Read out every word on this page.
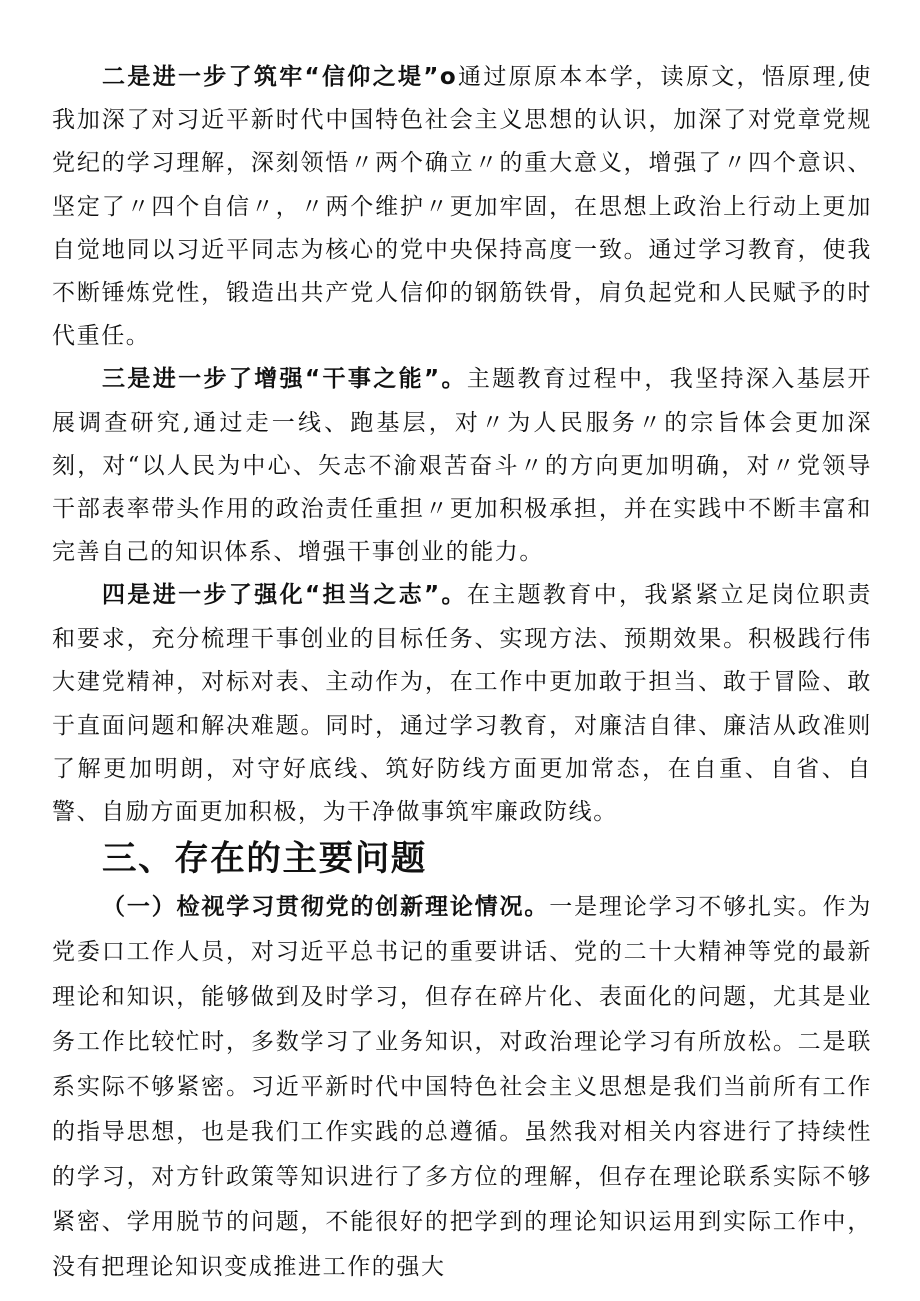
二是进一步了筑牢“信仰之堤”o通过原原本本学，读原文，悟原理,使我加深了对习近平新时代中国特色社会主义思想的认识，加深了对党章党规党纪的学习理解，深刻领悟〃两个确立〃的重大意义，增强了〃四个意识、坚定了〃四个自信〃，〃两个维护〃更加牢固，在思想上政治上行动上更加自觉地同以习近平同志为核心的党中央保持高度一致。通过学习教育，使我不断锤炼党性，锻造出共产党人信仰的钢筋铁骨，肩负起党和人民赋予的时代重任。

三是进一步了增强“干事之能”。主题教育过程中，我坚持深入基层开展调查研究,通过走一线、跑基层，对〃为人民服务〃的宗旨体会更加深刻，对“以人民为中心、矢志不渝艰苦奋斗〃的方向更加明确，对〃党领导干部表率带头作用的政治责任重担〃更加积极承担，并在实践中不断丰富和完善自己的知识体系、增强干事创业的能力。

四是进一步了强化“担当之志”。在主题教育中，我紧紧立足岗位职责和要求，充分梳理干事创业的目标任务、实现方法、预期效果。积极践行伟大建党精神，对标对表、主动作为，在工作中更加敢于担当、敢于冒险、敢于直面问题和解决难题。同时，通过学习教育，对廉洁自律、廉洁从政准则了解更加明朗，对守好底线、筑好防线方面更加常态，在自重、自省、自警、自励方面更加积极，为干净做事筑牢廉政防线。

三、存在的主要问题

（一）检视学习贯彻党的创新理论情况。一是理论学习不够扎实。作为党委口工作人员，对习近平总书记的重要讲话、党的二十大精神等党的最新理论和知识，能够做到及时学习，但存在碎片化、表面化的问题，尤其是业务工作比较忙时，多数学习了业务知识，对政治理论学习有所放松。二是联系实际不够紧密。习近平新时代中国特色社会主义思想是我们当前所有工作的指导思想，也是我们工作实践的总遵循。虽然我对相关内容进行了持续性的学习，对方针政策等知识进行了多方位的理解，但存在理论联系实际不够紧密、学用脱节的问题，不能很好的把学到的理论知识运用到实际工作中，没有把理论知识变成推进工作的强大
